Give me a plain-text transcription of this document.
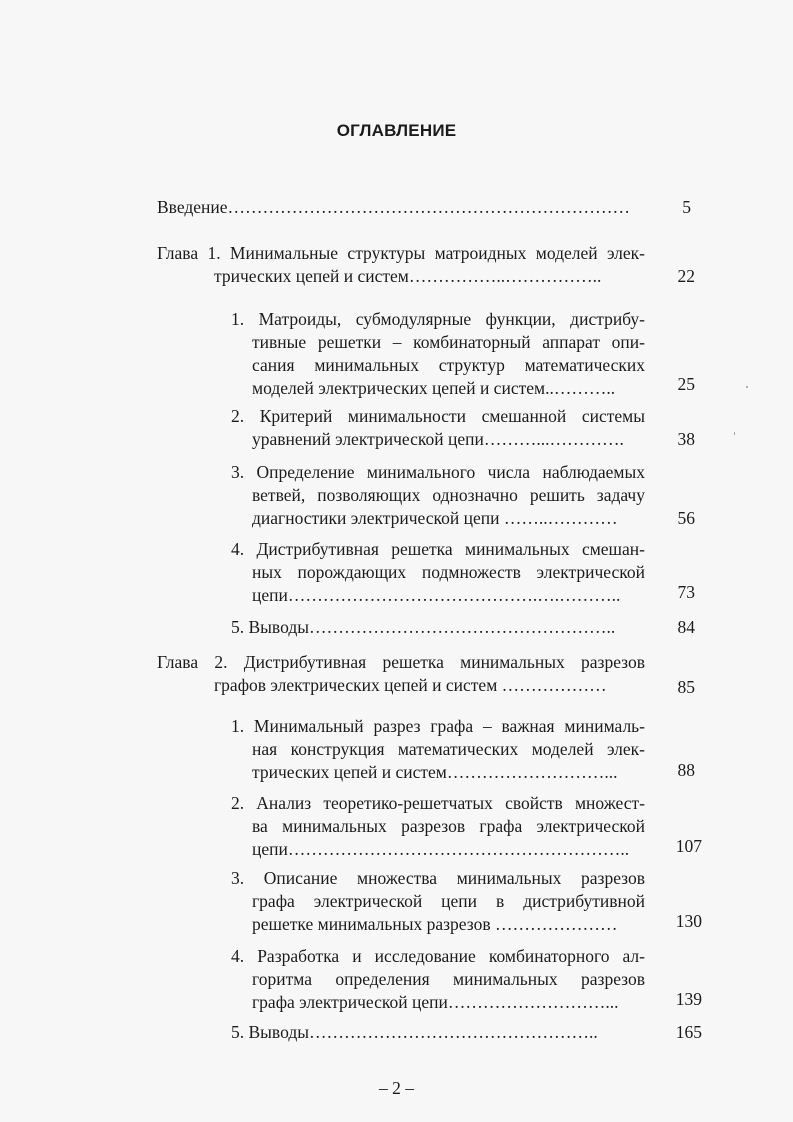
ОГЛАВЛЕНИЕ
Введение……………………………………………………………	5
Глава 1. Минимальные структуры матроидных моделей элек-
трических цепей и систем……………..……………..	22
1. Матроиды, субмодулярные функции, дистрибу-
тивные решетки – комбинаторный аппарат опи-
сания минимальных структур математических
моделей электрических цепей и систем..………..	25
2. Критерий минимальности смешанной системы
уравнений электрической цепи………...………….	38
3. Определение минимального числа наблюдаемых
ветвей, позволяющих однозначно решить задачу
диагностики электрической цепи ……..…………	56
4. Дистрибутивная решетка минимальных смешан-
ных порождающих подмножеств электрической
цепи…………………………………….….………..	73
5. Выводы……………………………………………..	84
Глава 2. Дистрибутивная решетка минимальных разрезов
графов электрических цепей и систем ………………	85
1. Минимальный разрез графа – важная минималь-
ная конструкция математических моделей элек-
трических цепей и систем………………………...	88
2. Анализ теоретико-решетчатых свойств множест-
ва минимальных разрезов графа электрической
цепи…………………………………………………..	107
3. Описание множества минимальных разрезов
графа электрической цепи в дистрибутивной
решетке минимальных разрезов …………………	130
4. Разработка и исследование комбинаторного ал-
горитма определения минимальных разрезов
графа электрической цепи………………………...	139
5. Выводы…………………………………………..	165
– 2 –
